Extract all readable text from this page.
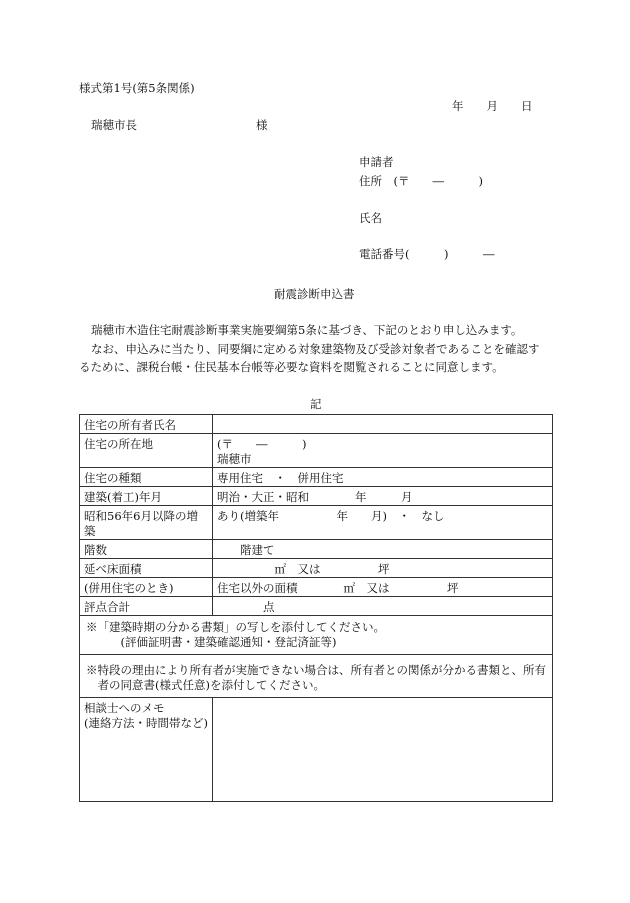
様式第1号(第5条関係)
年　　月　　日
瑞穂市長	様
申請者
住所　(〒　　―　　　)
氏名
電話番号(　　　)　　　―
耐震診断申込書
瑞穂市木造住宅耐震診断事業実施要綱第5条に基づき、下記のとおり申し込みます。
なお、申込みに当たり、同要綱に定める対象建築物及び受診対象者であることを確認す
るために、課税台帳・住民基本台帳等必要な資料を閲覧されることに同意します。
記
住宅の所有者氏名	
住宅の所在地	(〒　　―　　　)
瑞穂市

住宅の種類	専用住宅　・　併用住宅
建築(着工)年月	明治・大正・昭和　　　　年　　　月
昭和56年6月以降の増築	あり(増築年　　　　　年　　月)　・　なし
階数	　　階建て
延べ床面積	　　　　　㎡　又は　　　　　坪
(併用住宅のとき)	住宅以外の面積　　　　㎡　又は　　　　　坪
評点合計	　　　　点

※「建築時期の分かる書類」の写しを添付してください。
(評価証明書・建築確認通知・登記済証等)	

※特段の理由により所有者が実施できない場合は、所有者との関係が分かる書類と、所有
者の同意書(様式任意)を添付してください。	

相談士へのメモ
(連絡方法・時間帯など)	
